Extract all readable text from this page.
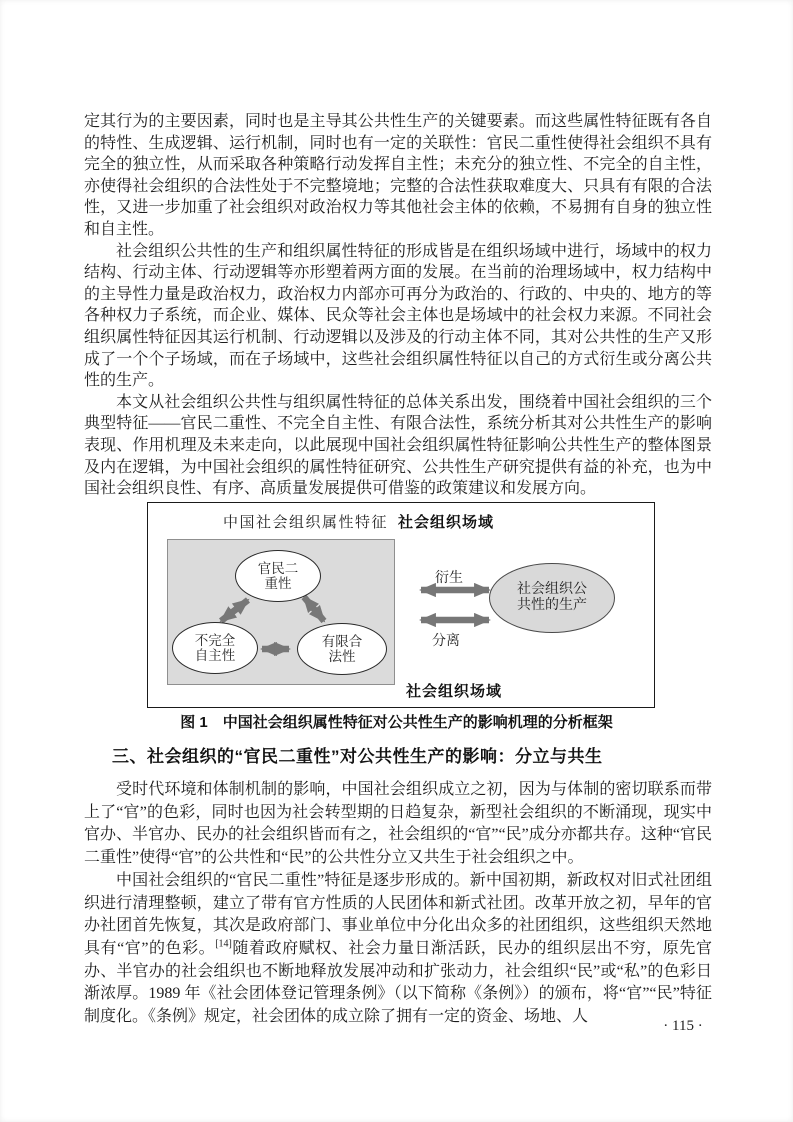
定其行为的主要因素，同时也是主导其公共性生产的关键要素。而这些属性特征既有各自的特性、生成逻辑、运行机制，同时也有一定的关联性：官民二重性使得社会组织不具有完全的独立性，从而采取各种策略行动发挥自主性；未充分的独立性、不完全的自主性，亦使得社会组织的合法性处于不完整境地；完整的合法性获取难度大、只具有有限的合法性，又进一步加重了社会组织对政治权力等其他社会主体的依赖，不易拥有自身的独立性和自主性。

社会组织公共性的生产和组织属性特征的形成皆是在组织场域中进行，场域中的权力结构、行动主体、行动逻辑等亦形塑着两方面的发展。在当前的治理场域中，权力结构中的主导性力量是政治权力，政治权力内部亦可再分为政治的、行政的、中央的、地方的等各种权力子系统，而企业、媒体、民众等社会主体也是场域中的社会权力来源。不同社会组织属性特征因其运行机制、行动逻辑以及涉及的行动主体不同，其对公共性的生产又形成了一个个子场域，而在子场域中，这些社会组织属性特征以自己的方式衍生或分离公共性的生产。

本文从社会组织公共性与组织属性特征的总体关系出发，围绕着中国社会组织的三个典型特征——官民二重性、不完全自主性、有限合法性，系统分析其对公共性生产的影响表现、作用机理及未来走向，以此展现中国社会组织属性特征影响公共性生产的整体图景及内在逻辑，为中国社会组织的属性特征研究、公共性生产研究提供有益的补充，也为中国社会组织良性、有序、高质量发展提供可借鉴的政策建议和发展方向。

中国社会组织属性特征 社会组织场域
社会组织场域
官民二
重性
不完全
自主性
有限合
法性
衍生
分离
社会组织公
共性的生产
图 1　中国社会组织属性特征对公共性生产的影响机理的分析框架
三、社会组织的“官民二重性”对公共性生产的影响：分立与共生

受时代环境和体制机制的影响，中国社会组织成立之初，因为与体制的密切联系而带上了“官”的色彩，同时也因为社会转型期的日趋复杂，新型社会组织的不断涌现，现实中官办、半官办、民办的社会组织皆而有之，社会组织的“官”“民”成分亦都共存。这种“官民二重性”使得“官”的公共性和“民”的公共性分立又共生于社会组织之中。

中国社会组织的“官民二重性”特征是逐步形成的。新中国初期，新政权对旧式社团组织进行清理整顿，建立了带有官方性质的人民团体和新式社团。改革开放之初，早年的官办社团首先恢复，其次是政府部门、事业单位中分化出众多的社团组织，这些组织天然地具有“官”的色彩。[14]随着政府赋权、社会力量日渐活跃，民办的组织层出不穷，原先官办、半官办的社会组织也不断地释放发展冲动和扩张动力，社会组织“民”或“私”的色彩日渐浓厚。1989 年《社会团体登记管理条例》（以下简称《条例》）的颁布，将“官”“民”特征制度化。《条例》规定，社会团体的成立除了拥有一定的资金、场地、人

· 115 ·
